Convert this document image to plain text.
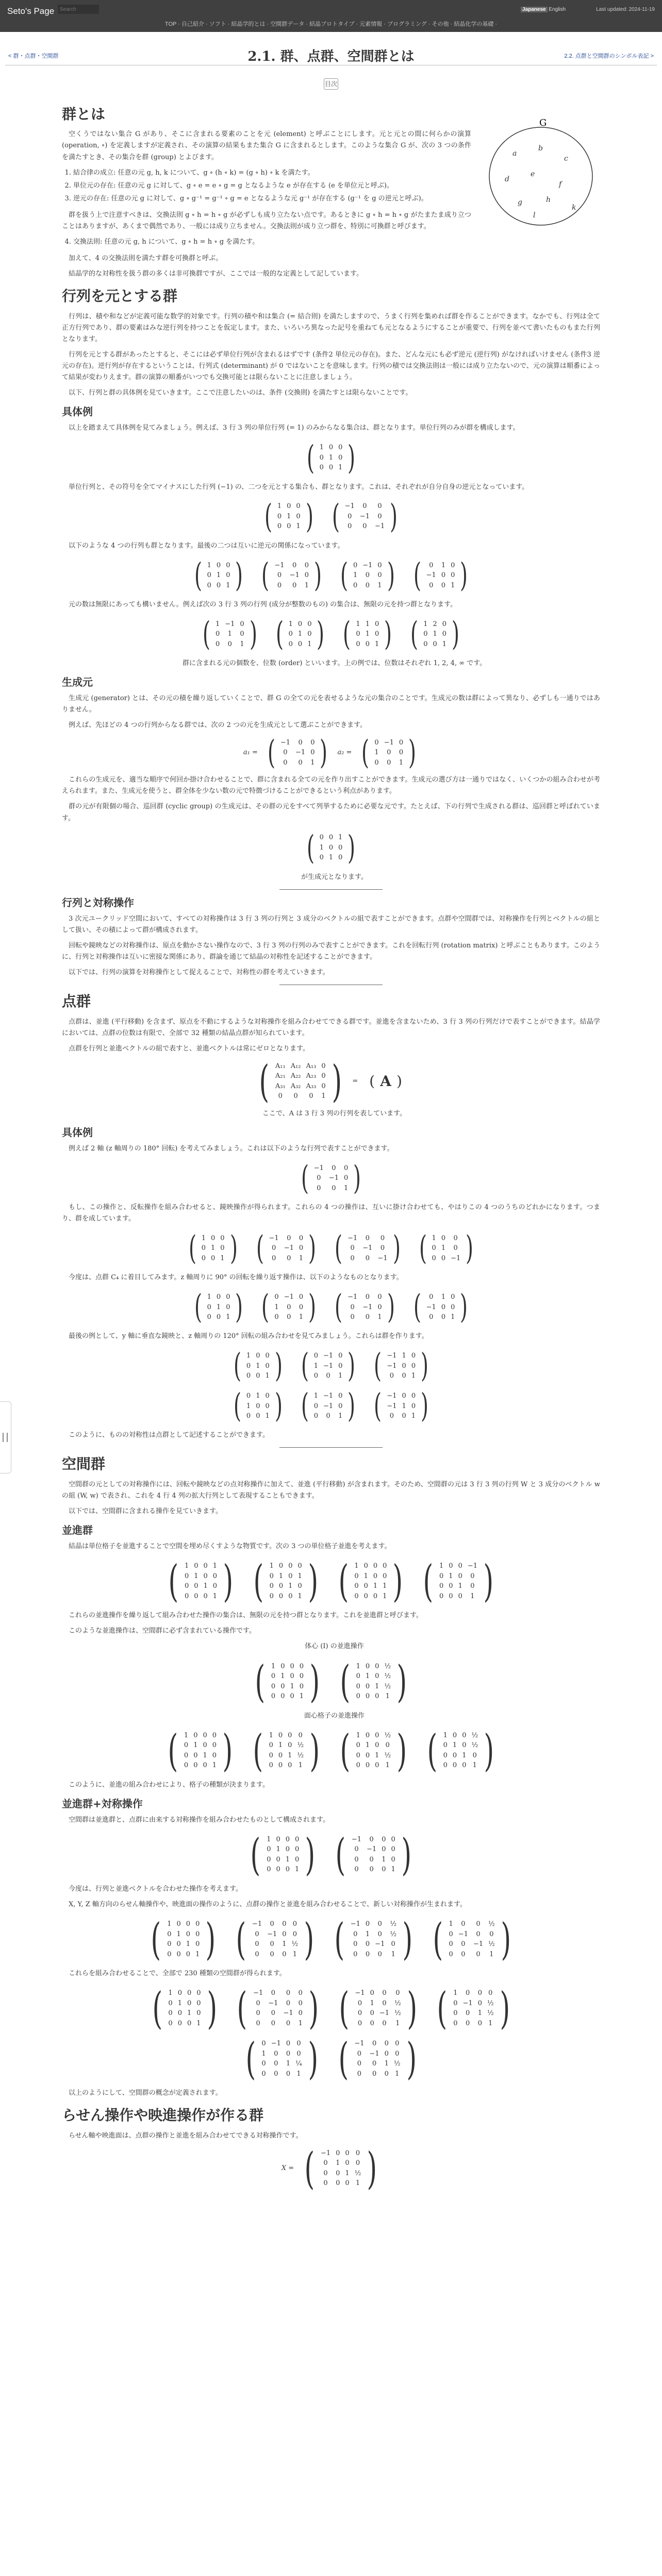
Seto's Page
Search	Japanese English	Last updated: 2024-11-19
TOP · 自己紹介 · ソフト · 結晶学的とは · 空間群データ · 結晶プロトタイプ · 元素情報 · プログラミング · その他 · 結晶化学の基礎 ·
< 群・点群・空間群	2.1. 群、点群、空間群とは	2.2. 点群と空間群のシンボル表記 >
目次
群とは
G
a
b
c
d
e
f
g	h
k
l

空くうではない集合 G があり、そこに含まれる要素のことを元 (element) と呼ぶことにします。元と元との間に何らかの演算 (operation, ∘) を定義しますが定義され、その演算の結果もまた集合 G に含まれるとします。このような集合 G が、次の 3 つの条件を満たすとき、その集合を群 (group) とよびます。

1. 結合律の成立: 任意の元 g, h, k について、g ∘ (h ∘ k) = (g ∘ h) ∘ k を満たす。
2. 単位元の存在: 任意の元 g に対して、g ∘ e = e ∘ g = g となるような e が存在する (e を単位元と呼ぶ)。
3. 逆元の存在: 任意の元 g に対して、g ∘ g⁻¹ = g⁻¹ ∘ g = e となるような元 g⁻¹ が存在する (g⁻¹ を g の逆元と呼ぶ)。

群を扱う上で注意すべきは、交換法則 g ∘ h = h ∘ g が必ずしも成り立たない点です。あるときに g ∘ h = h ∘ g がたまたま成り立つことはありますが、あくまで偶然であり、一般には成り立ちません。交換法則が成り立つ群を、特別に可換群と呼びます。

4. 交換法則: 任意の元 g, h について、g ∘ h = h ∘ g を満たす。

加えて、4 の交換法則を満たす群を可換群と呼ぶ。

結晶学的な対称性を扱う群の多くは非可換群ですが、ここでは一般的な定義として記しています。

行列を元とする群

行列は、積や和などが定義可能な数学的対象です。行列の積や和は集合 (= 結合則) を満たしますので、うまく行列を集めれば群を作ることができます。なかでも、行列は全て正方行列であり、群の要素はみな逆行列を持つことを仮定します。また、いろいろ異なった記号を重ねても元となるようにすることが重要で、行列を並べて書いたものもまた行列となります。

行列を元とする群があったとすると、そこには必ず単位行列が含まれるはずです (条件2 単位元の存在)。また、どんな元にも必ず逆元 (逆行列) がなければいけません (条件3 逆元の存在)。逆行列が存在するということは、行列式 (determinant) が 0 ではないことを意味します。行列の積では交換法則は一般には成り立たないので、元の演算は順番によって結果が変わりえます。群の演算の順番がいつでも交換可能とは限らないことに注意しましょう。

以下、行列と群の具体例を見ていきます。ここで注意したいのは、条件 (交換則) を満たすとは限らないことです。

具体例

以上を踏まえて具体例を見てみましょう。例えば、3 行 3 列の単位行列 (= 1) のみからなる集合は、群となります。単位行列のみが群を構成します。

( 1	0	0
0	1	0
0	0	1 )

単位行列と、その符号を全てマイナスにした行列 (−1) の、二つを元とする集合も、群となります。これは、それぞれが自分自身の逆元となっています。

( 1	0	0
0	1	0
0	0	1 ) ( −1	0	0
0	−1	0
0	0	−1 )

以下のような 4 つの行列も群となります。最後の二つは互いに逆元の関係になっています。

( 1	0	0
0	1	0
0	0	1 ) ( −1	0	0
0	−1	0
0	0	1 ) ( 0	−1	0
1	0	0
0	0	1 ) ( 0	1	0
−1	0	0
0	0	1 )

元の数は無限にあっても構いません。例えば次の 3 行 3 列の行列 (成分が整数のもの) の集合は、無限の元を持つ群となります。

( 1	−1	0
0	1	0
0	0	1 ) ( 1	0	0
0	1	0
0	0	1 ) ( 1	1	0
0	1	0
0	0	1 ) ( 1	2	0
0	1	0
0	0	1 )

群に含まれる元の個数を、位数 (order) といいます。上の例では、位数はそれぞれ 1, 2, 4, ∞ です。

生成元

生成元 (generator) とは、その元の積を繰り返していくことで、群 G の全ての元を表せるような元の集合のことです。生成元の数は群によって異なり、必ずしも一通りではありません。

例えば、先ほどの 4 つの行列からなる群では、次の 2 つの元を生成元として選ぶことができます。

a₁ = ( −1	0	0
0	−1	0
0	0	1 ) a₂ = ( 0	−1	0
1	0	0
0	0	1 )

これらの生成元を、適当な順序で何回か掛け合わせることで、群に含まれる全ての元を作り出すことができます。生成元の選び方は一通りではなく、いくつかの組み合わせが考えられます。また、生成元を使うと、群全体を少ない数の元で特徴づけることができるという利点があります。

群の元が有限個の場合、巡回群 (cyclic group) の生成元は、その群の元をすべて列挙するために必要な元です。たとえば、下の行列で生成される群は、巡回群と呼ばれています。

( 0	0	1
1	0	0
0	1	0 )

が生成元となります。

行列と対称操作

3 次元ユークリッド空間において、すべての対称操作は 3 行 3 列の行列と 3 成分のベクトルの組で表すことができます。点群や空間群では、対称操作を行列とベクトルの組として扱い、その積によって群が構成されます。

回転や鏡映などの対称操作は、原点を動かさない操作なので、3 行 3 列の行列のみで表すことができます。これを回転行列 (rotation matrix) と呼ぶこともあります。このように、行列と対称操作は互いに密接な関係にあり、群論を通じて結晶の対称性を記述することができます。

以下では、行列の演算を対称操作として捉えることで、対称性の群を考えていきます。

点群

点群は、並進 (平行移動) を含まず、原点を不動にするような対称操作を組み合わせてできる群です。並進を含まないため、3 行 3 列の行列だけで表すことができます。結晶学においては、点群の位数は有限で、全部で 32 種類の結晶点群が知られています。

点群を行列と並進ベクトルの組で表すと、並進ベクトルは常にゼロとなります。

( A₁₁	A₁₂	A₁₃	0
A₂₁	A₂₂	A₂₃	0
A₃₁	A₃₂	A₃₃	0
0	0	0	1 ) = ( A )

ここで、A は 3 行 3 列の行列を表しています。

具体例

例えば 2 軸 (z 軸周りの 180° 回転) を考えてみましょう。これは以下のような行列で表すことができます。

( −1	0	0
0	−1	0
0	0	1 )

もし、この操作と、反転操作を組み合わせると、鏡映操作が得られます。これらの 4 つの操作は、互いに掛け合わせても、やはりこの 4 つのうちのどれかになります。つまり、群を成しています。

( 1	0	0
0	1	0
0	0	1 ) ( −1	0	0
0	−1	0
0	0	1 ) ( −1	0	0
0	−1	0
0	0	−1 ) ( 1	0	0
0	1	0
0	0	−1 )

今度は、点群 C₄ に着目してみます。z 軸周りに 90° の回転を繰り返す操作は、以下のようなものとなります。

( 1	0	0
0	1	0
0	0	1 ) ( 0	−1	0
1	0	0
0	0	1 ) ( −1	0	0
0	−1	0
0	0	1 ) ( 0	1	0
−1	0	0
0	0	1 )

最後の例として、y 軸に垂直な鏡映と、z 軸周りの 120° 回転の組み合わせを見てみましょう。これらは群を作ります。

( 1	0	0
0	1	0
0	0	1 ) ( 0	−1	0
1	−1	0
0	0	1 ) ( −1	1	0
−1	0	0
0	0	1 )
( 0	1	0
1	0	0
0	0	1 ) ( 1	−1	0
0	−1	0
0	0	1 ) ( −1	0	0
−1	1	0
0	0	1 )

このように、ものの対称性は点群として記述することができます。

空間群

空間群の元としての対称操作には、回転や鏡映などの点対称操作に加えて、並進 (平行移動) が含まれます。そのため、空間群の元は 3 行 3 列の行列 W と 3 成分のベクトル w の組 (W, w) で表され、これを 4 行 4 列の拡大行列として表現することもできます。

以下では、空間群に含まれる操作を見ていきます。

並進群

結晶は単位格子を並進することで空間を埋め尽くすような物質です。次の 3 つの単位格子並進を考えます。

( 1	0	0	1
0	1	0	0
0	0	1	0
0	0	0	1 ) ( 1	0	0	0
0	1	0	1
0	0	1	0
0	0	0	1 ) ( 1	0	0	0
0	1	0	0
0	0	1	1
0	0	0	1 ) ( 1	0	0	−1
0	1	0	0
0	0	1	0
0	0	0	1 )

これらの並進操作を繰り返して組み合わせた操作の集合は、無限の元を持つ群となります。これを並進群と呼びます。

このような並進操作は、空間群に必ず含まれている操作です。

体心 (I) の並進操作

( 1	0	0	0
0	1	0	0
0	0	1	0
0	0	0	1 ) ( 1	0	0	½
0	1	0	½
0	0	1	½
0	0	0	1 )

面心格子の並進操作

( 1	0	0	0
0	1	0	0
0	0	1	0
0	0	0	1 ) ( 1	0	0	0
0	1	0	½
0	0	1	½
0	0	0	1 ) ( 1	0	0	½
0	1	0	0
0	0	1	½
0	0	0	1 ) ( 1	0	0	½
0	1	0	½
0	0	1	0
0	0	0	1 )

このように、並進の組み合わせにより、格子の種類が決まります。

並進群+対称操作

空間群は並進群と、点群に由来する対称操作を組み合わせたものとして構成されます。

( 1	0	0	0
0	1	0	0
0	0	1	0
0	0	0	1 ) ( −1	0	0	0
0	−1	0	0
0	0	1	0
0	0	0	1 )

今度は、行列と並進ベクトルを合わせた操作を考えます。

X, Y, Z 軸方向のらせん軸操作や、映進面の操作のように、点群の操作と並進を組み合わせることで、新しい対称操作が生まれます。

( 1	0	0	0
0	1	0	0
0	0	1	0
0	0	0	1 ) ( −1	0	0	0
0	−1	0	0
0	0	1	½
0	0	0	1 ) ( −1	0	0	½
0	1	0	½
0	0	−1	0
0	0	0	1 ) ( 1	0	0	½
0	−1	0	0
0	0	−1	½
0	0	0	1 )

これらを組み合わせることで、全部で 230 種類の空間群が得られます。

( 1	0	0	0
0	1	0	0
0	0	1	0
0	0	0	1 ) ( −1	0	0	0
0	−1	0	0
0	0	−1	0
0	0	0	1 ) ( −1	0	0	0
0	1	0	½
0	0	−1	½
0	0	0	1 ) ( 1	0	0	0
0	−1	0	½
0	0	1	½
0	0	0	1 )
( 0	−1	0	0
1	0	0	0
0	0	1	¼
0	0	0	1 ) ( −1	0	0	0
0	−1	0	0
0	0	1	½
0	0	0	1 )

以上のようにして、空間群の概念が定義されます。

らせん操作や映進操作が作る群

らせん軸や映進面は、点群の操作と並進を組み合わせてできる対称操作です。

X = ( −1	0	0	0
0	1	0	0
0	0	1	½
0	0	0	1 )
